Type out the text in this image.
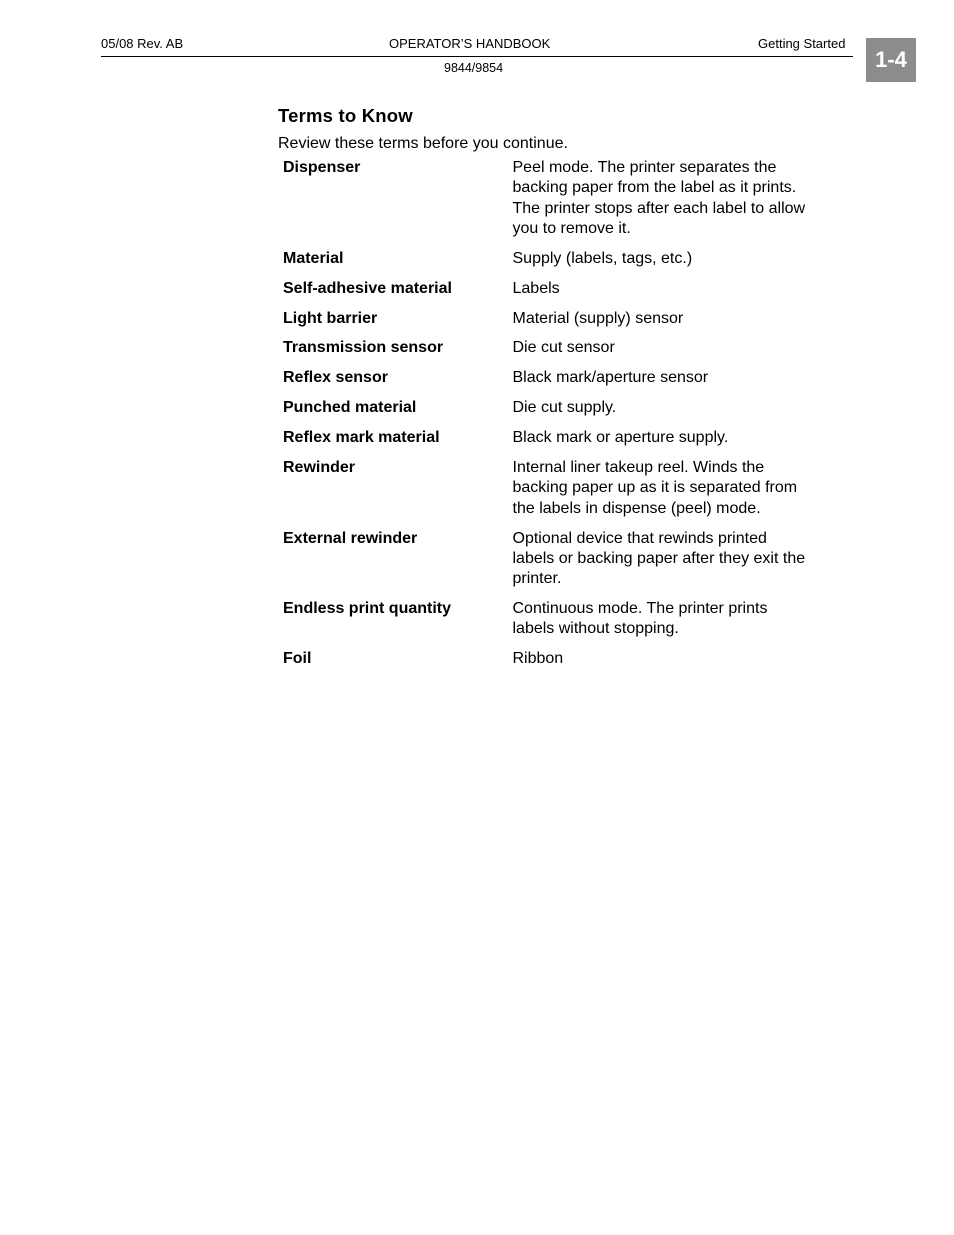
05/08 Rev. AB	OPERATOR’S HANDBOOK	Getting Started
9844/9854	1-4
Terms to Know
Review these terms before you continue.
Dispenser	Peel mode. The printer separates the
backing paper from the label as it prints.
The printer stops after each label to allow
you to remove it.
Material	Supply (labels, tags, etc.)
Self-adhesive material	Labels
Light barrier	Material (supply) sensor
Transmission sensor	Die cut sensor
Reflex sensor	Black mark/aperture sensor
Punched material	Die cut supply.
Reflex mark material	Black mark or aperture supply.
Rewinder	Internal liner takeup reel. Winds the
backing paper up as it is separated from
the labels in dispense (peel) mode.
External rewinder	Optional device that rewinds printed
labels or backing paper after they exit the
printer.
Endless print quantity	Continuous mode. The printer prints
labels without stopping.
Foil	Ribbon
